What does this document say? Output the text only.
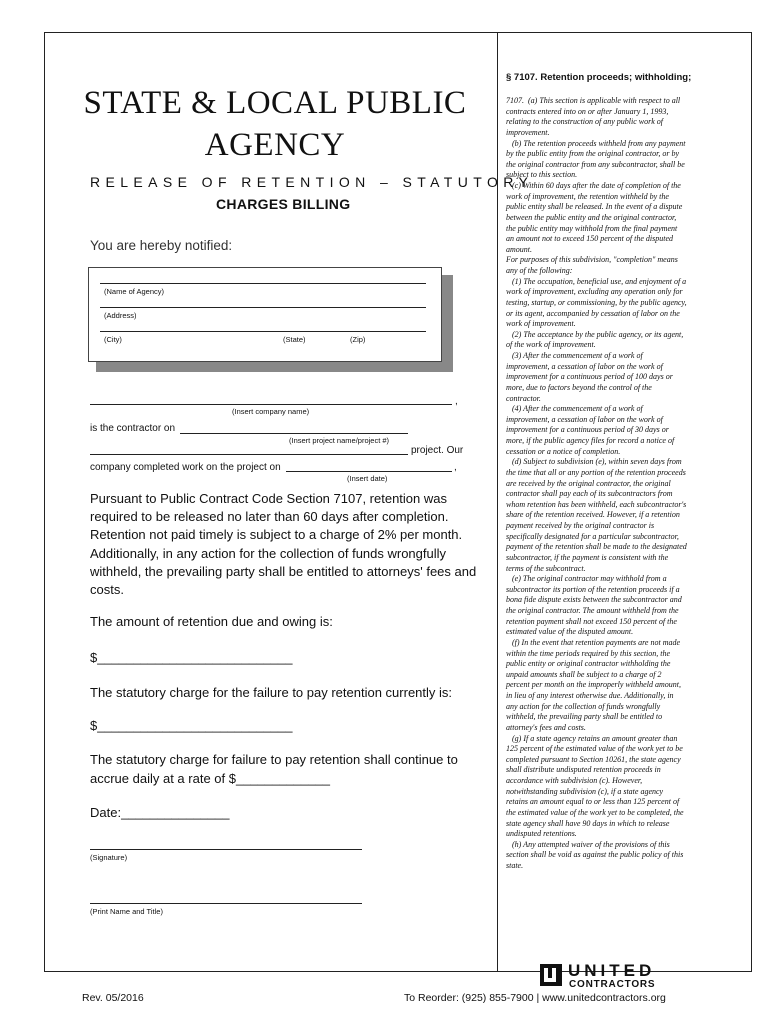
STATE & LOCAL PUBLIC
AGENCY
RELEASE OF RETENTION – STATUTORY
CHARGES BILLING
You are hereby notified:
(Name of Agency)
(Address)
(City)	(State)	(Zip)
,
(Insert company name)
is the contractor on
(Insert project name/project #)
project. Our
company completed work on the project on	,
(Insert date)
Pursuant to Public Contract Code Section 7107, retention was
required to be released no later than 60 days after completion.
Retention not paid timely is subject to a charge of 2% per month.
Additionally, in any action for the collection of funds wrongfully
withheld, the prevailing party shall be entitled to attorneys' fees and
costs.
The amount of retention due and owing is:
$___________________________
The statutory charge for the failure to pay retention currently is:
$___________________________
The statutory charge for failure to pay retention shall continue to
accrue daily at a rate of $_____________
Date:_______________
(Signature)
(Print Name and Title)
§ 7107. Retention proceeds; withholding;

7107.  (a) This section is applicable with respect to all

contracts entered into on or after January 1, 1993,

relating to the construction of any public work of

improvement.

(b) The retention proceeds withheld from any payment

by the public entity from the original contractor, or by

the original contractor from any subcontractor, shall be

subject to this section.

(c) Within 60 days after the date of completion of the

work of improvement, the retention withheld by the

public entity shall be released. In the event of a dispute

between the public entity and the original contractor,

the public entity may withhold from the final payment

an amount not to exceed 150 percent of the disputed

amount.

For purposes of this subdivision, "completion" means

any of the following:

(1) The occupation, beneficial use, and enjoyment of a

work of improvement, excluding any operation only for

testing, startup, or commissioning, by the public agency,

or its agent, accompanied by cessation of labor on the

work of improvement.

(2) The acceptance by the public agency, or its agent,

of the work of improvement.

(3) After the commencement of a work of

improvement, a cessation of labor on the work of

improvement for a continuous period of 100 days or

more, due to factors beyond the control of the

contractor.

(4) After the commencement of a work of

improvement, a cessation of labor on the work of

improvement for a continuous period of 30 days or

more, if the public agency files for record a notice of

cessation or a notice of completion.

(d) Subject to subdivision (e), within seven days from

the time that all or any portion of the retention proceeds

are received by the original contractor, the original

contractor shall pay each of its subcontractors from

whom retention has been withheld, each subcontractor's

share of the retention received. However, if a retention

payment received by the original contractor is

specifically designated for a particular subcontractor,

payment of the retention shall be made to the designated

subcontractor, if the payment is consistent with the

terms of the subcontract.

(e) The original contractor may withhold from a

subcontractor its portion of the retention proceeds if a

bona fide dispute exists between the subcontractor and

the original contractor. The amount withheld from the

retention payment shall not exceed 150 percent of the

estimated value of the disputed amount.

(f) In the event that retention payments are not made

within the time periods required by this section, the

public entity or original contractor withholding the

unpaid amounts shall be subject to a charge of 2

percent per month on the improperly withheld amount,

in lieu of any interest otherwise due. Additionally, in

any action for the collection of funds wrongfully

withheld, the prevailing party shall be entitled to

attorney's fees and costs.

(g) If a state agency retains an amount greater than

125 percent of the estimated value of the work yet to be

completed pursuant to Section 10261, the state agency

shall distribute undisputed retention proceeds in

accordance with subdivision (c). However,

notwithstanding subdivision (c), if a state agency

retains an amount equal to or less than 125 percent of

the estimated value of the work yet to be completed, the

state agency shall have 90 days in which to release

undisputed retentions.

(h) Any attempted waiver of the provisions of this

section shall be void as against the public policy of this

state.

Rev. 05/2016	To Reorder: (925) 855-7900 | www.unitedcontractors.org
UNITED
CONTRACTORS
